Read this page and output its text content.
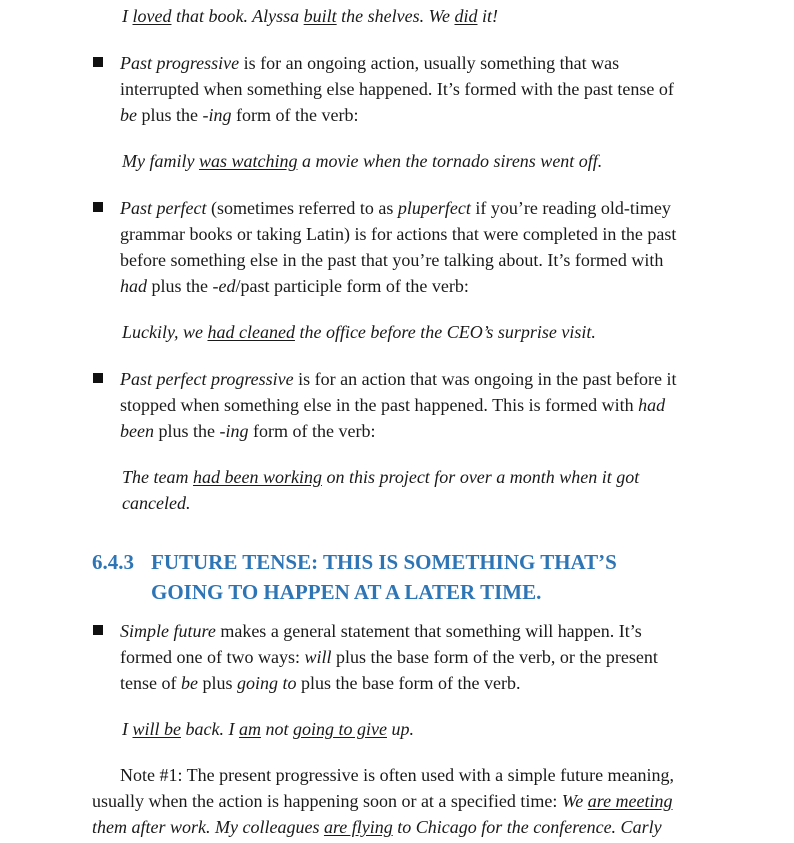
I loved that book. Alyssa built the shelves. We did it!
Past progressive is for an ongoing action, usually something that was
interrupted when something else happened. It’s formed with the past tense of
be plus the -ing form of the verb:
My family was watching a movie when the tornado sirens went off.
Past perfect (sometimes referred to as pluperfect if you’re reading old-timey
grammar books or taking Latin) is for actions that were completed in the past
before something else in the past that you’re talking about. It’s formed with
had plus the -ed/past participle form of the verb:
Luckily, we had cleaned the office before the CEO’s surprise visit.
Past perfect progressive is for an action that was ongoing in the past before it
stopped when something else in the past happened. This is formed with had
been plus the -ing form of the verb:
The team had been working on this project for over a month when it got
canceled.
6.4.3 FUTURE TENSE: THIS IS SOMETHING THAT’S
GOING TO HAPPEN AT A LATER TIME.
Simple future makes a general statement that something will happen. It’s
formed one of two ways: will plus the base form of the verb, or the present
tense of be plus going to plus the base form of the verb.
I will be back. I am not going to give up.
Note #1: The present progressive is often used with a simple future meaning,
usually when the action is happening soon or at a specified time: We are meeting
them after work. My colleagues are flying to Chicago for the conference. Carly
